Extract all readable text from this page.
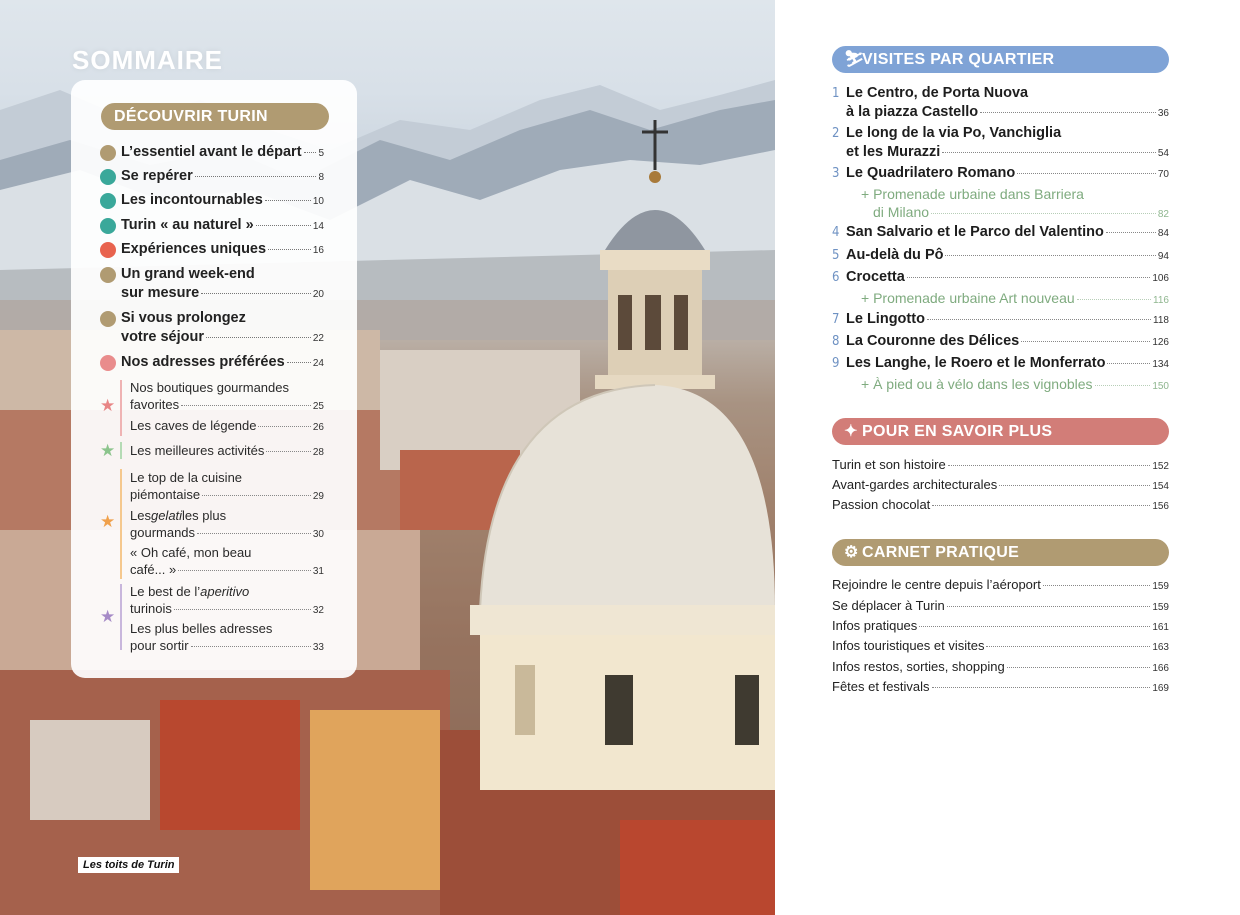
SOMMAIRE
DÉCOUVRIR TURIN
L’essentiel avant le départ 5
Se repérer	8
Les incontournables	10
Turin « au naturel »	14
Expériences uniques	16
Un grand week-end
sur mesure	20
Si vous prolongez
votre séjour	22
Nos adresses préférées	24
★
Nos boutiques gourmandes
favorites	25
Les caves de légende	26
★ Les meilleures activités	28
★
Le top de la cuisine
piémontaise	29
Les gelati les plus
gourmands	30
« Oh café, mon beau
café... »	31
★
Le best de l’ aperitivo
turinois	32
Les plus belles adresses
pour sortir	33
Les toits de Turin
⛷VISITES PAR QUARTIER
1 Le Centro, de Porta Nuova
à la piazza Castello	36
2 Le long de la via Po, Vanchiglia
et les Murazzi	54
3 Le Quadrilatero Romano	70
+ Promenade urbaine dans Barriera
di Milano	82
4 San Salvario et le Parco del Valentino	84
5 Au-delà du Pô	94
6 Crocetta	106
+ Promenade urbaine Art nouveau	116
7 Le Lingotto	118
8 La Couronne des Délices	126
9 Les Langhe, le Roero et le Monferrato	134
+ À pied ou à vélo dans les vignobles	150
✦ POUR EN SAVOIR PLUS
Turin et son histoire	152
Avant-gardes architecturales	154
Passion chocolat	156
⚙ CARNET PRATIQUE
Rejoindre le centre depuis l’aéroport	159
Se déplacer à Turin	159
Infos pratiques	161
Infos touristiques et visites	163
Infos restos, sorties, shopping	166
Fêtes et festivals	169
